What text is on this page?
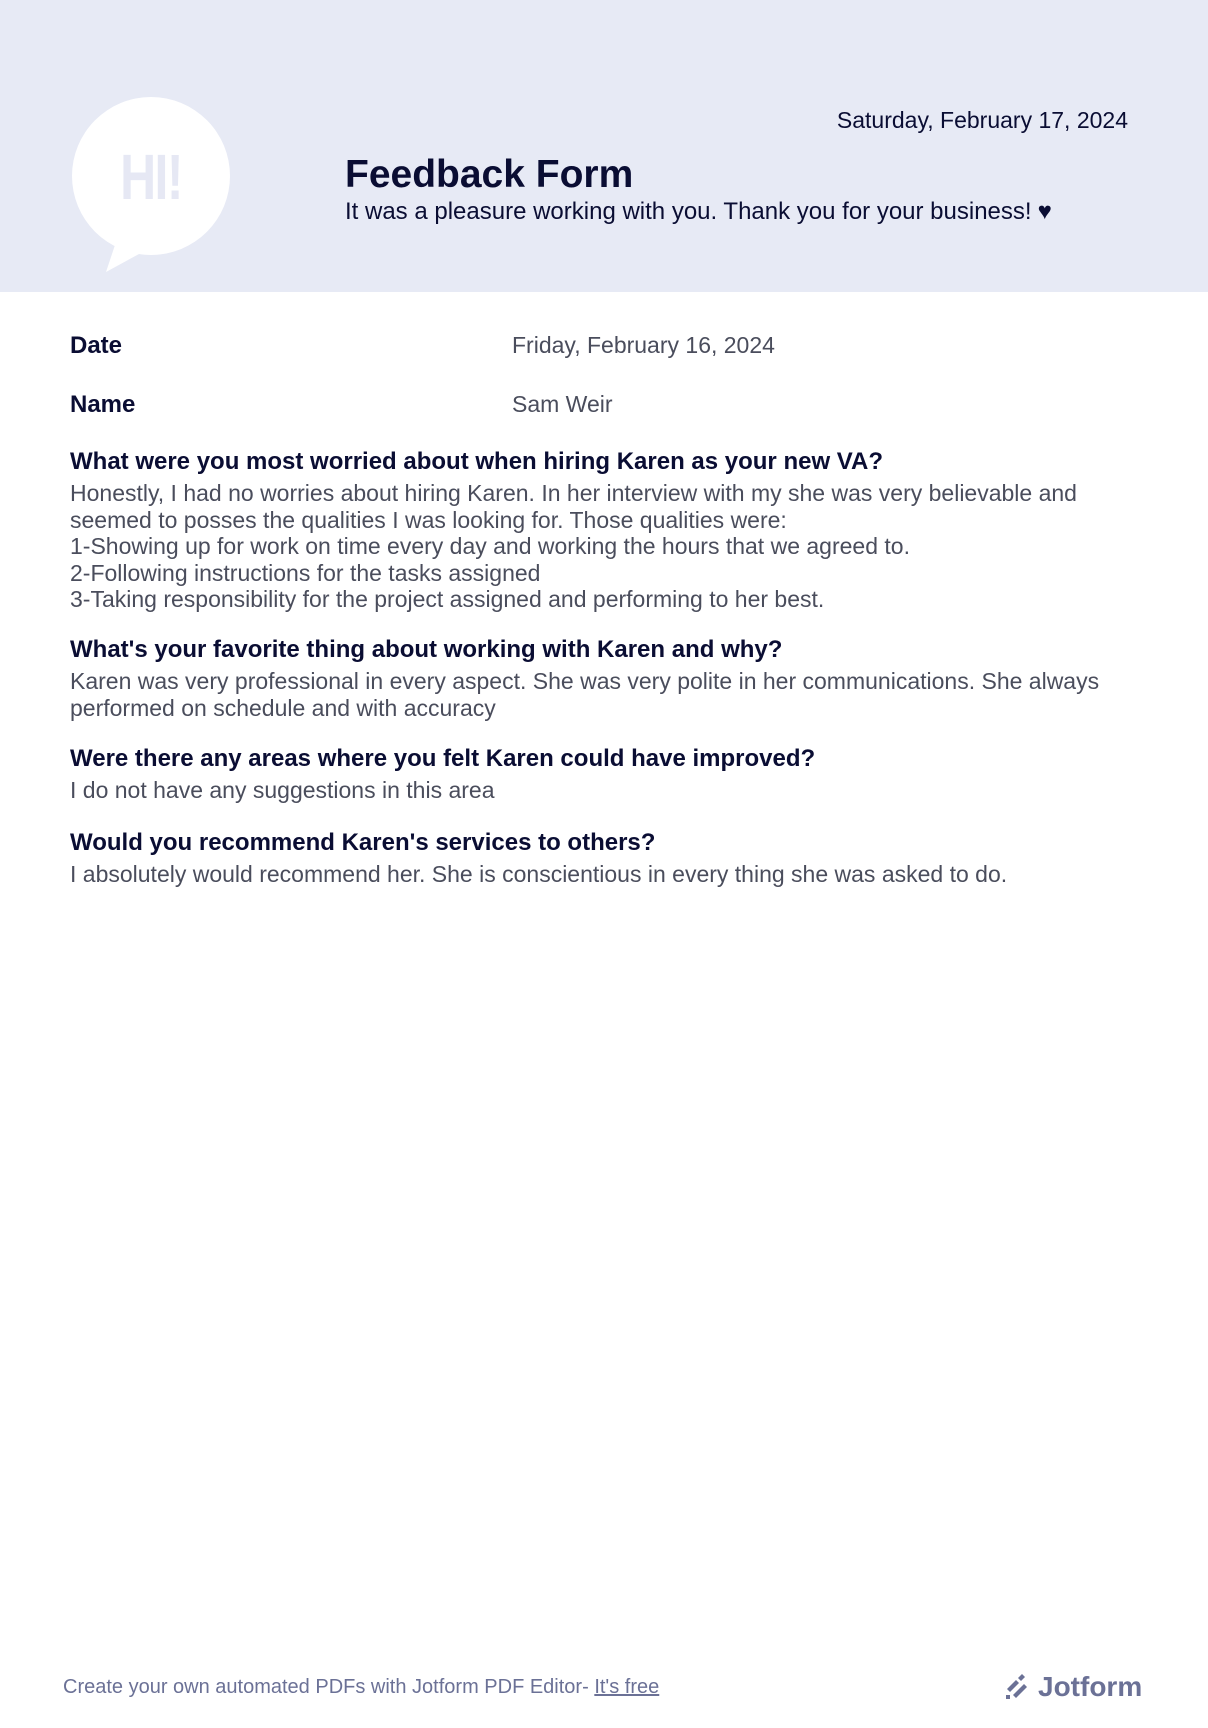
HI!
Saturday, February 17, 2024
Feedback Form
It was a pleasure working with you. Thank you for your business! ♥
Date	Friday, February 16, 2024
Name	Sam Weir
What were you most worried about when hiring Karen as your new VA?
Honestly, I had no worries about hiring Karen. In her interview with my she was very believable and
seemed to posses the qualities I was looking for. Those qualities were:
1-Showing up for work on time every day and working the hours that we agreed to.
2-Following instructions for the tasks assigned
3-Taking responsibility for the project assigned and performing to her best.
What's your favorite thing about working with Karen and why?
Karen was very professional in every aspect. She was very polite in her communications. She always
performed on schedule and with accuracy
Were there any areas where you felt Karen could have improved?
I do not have any suggestions in this area
Would you recommend Karen's services to others?
I absolutely would recommend her. She is conscientious in every thing she was asked to do.
Create your own automated PDFs with Jotform PDF Editor- It's free	Jotform
